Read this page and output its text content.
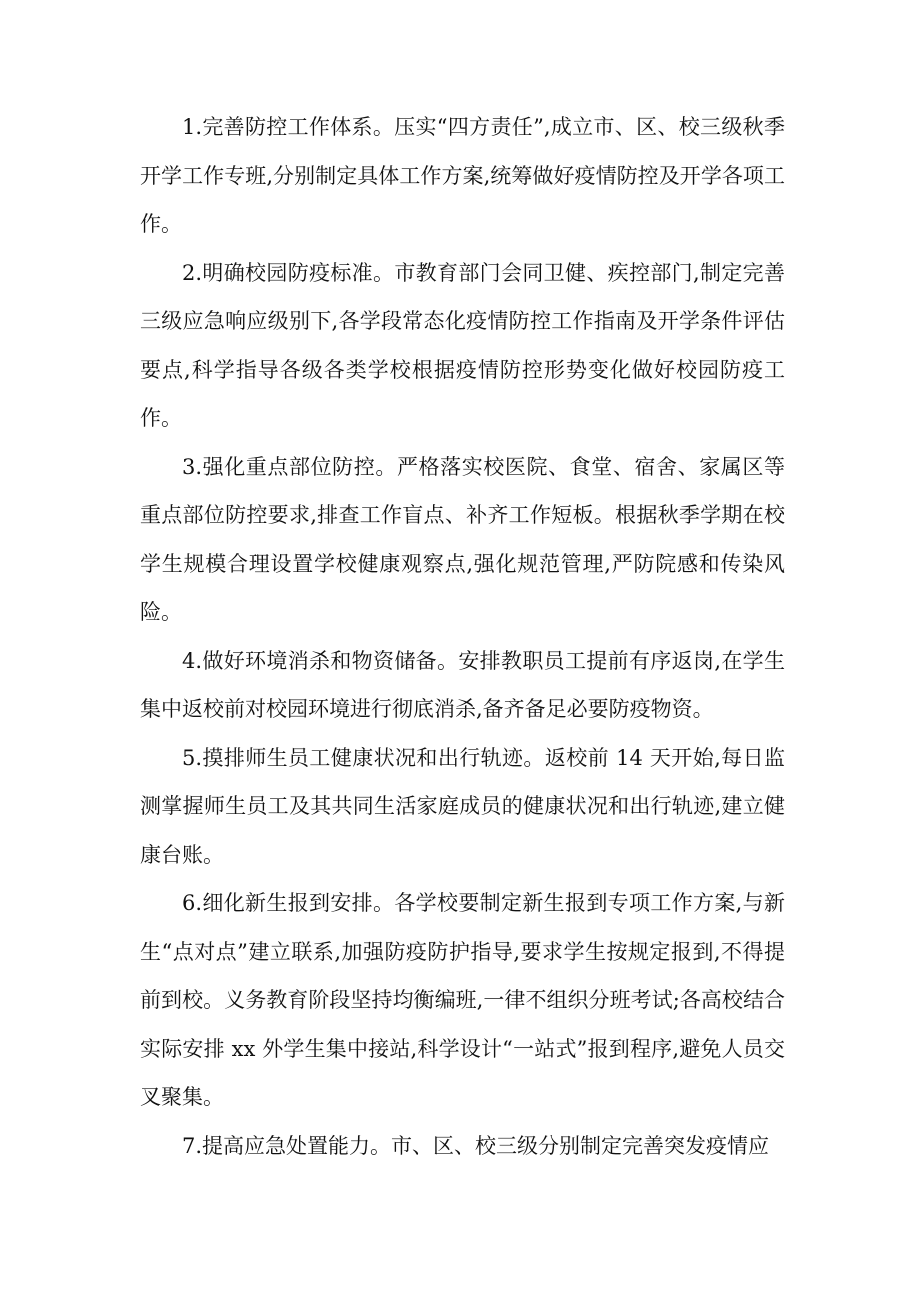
1.完善防控工作体系。压实“四方责任”,成立市、区、校三级秋季开学工作专班,分别制定具体工作方案,统筹做好疫情防控及开学各项工作。

2.明确校园防疫标准。市教育部门会同卫健、疾控部门,制定完善三级应急响应级别下,各学段常态化疫情防控工作指南及开学条件评估要点,科学指导各级各类学校根据疫情防控形势变化做好校园防疫工作。

3.强化重点部位防控。严格落实校医院、食堂、宿舍、家属区等重点部位防控要求,排查工作盲点、补齐工作短板。根据秋季学期在校学生规模合理设置学校健康观察点,强化规范管理,严防院感和传染风险。

4.做好环境消杀和物资储备。安排教职员工提前有序返岗,在学生集中返校前对校园环境进行彻底消杀,备齐备足必要防疫物资。

5.摸排师生员工健康状况和出行轨迹。返校前 14 天开始,每日监测掌握师生员工及其共同生活家庭成员的健康状况和出行轨迹,建立健康台账。

6.细化新生报到安排。各学校要制定新生报到专项工作方案,与新生“点对点”建立联系,加强防疫防护指导,要求学生按规定报到,不得提前到校。义务教育阶段坚持均衡编班,一律不组织分班考试;各高校结合实际安排 xx 外学生集中接站,科学设计“一站式”报到程序,避免人员交叉聚集。

7.提高应急处置能力。市、区、校三级分别制定完善突发疫情应
